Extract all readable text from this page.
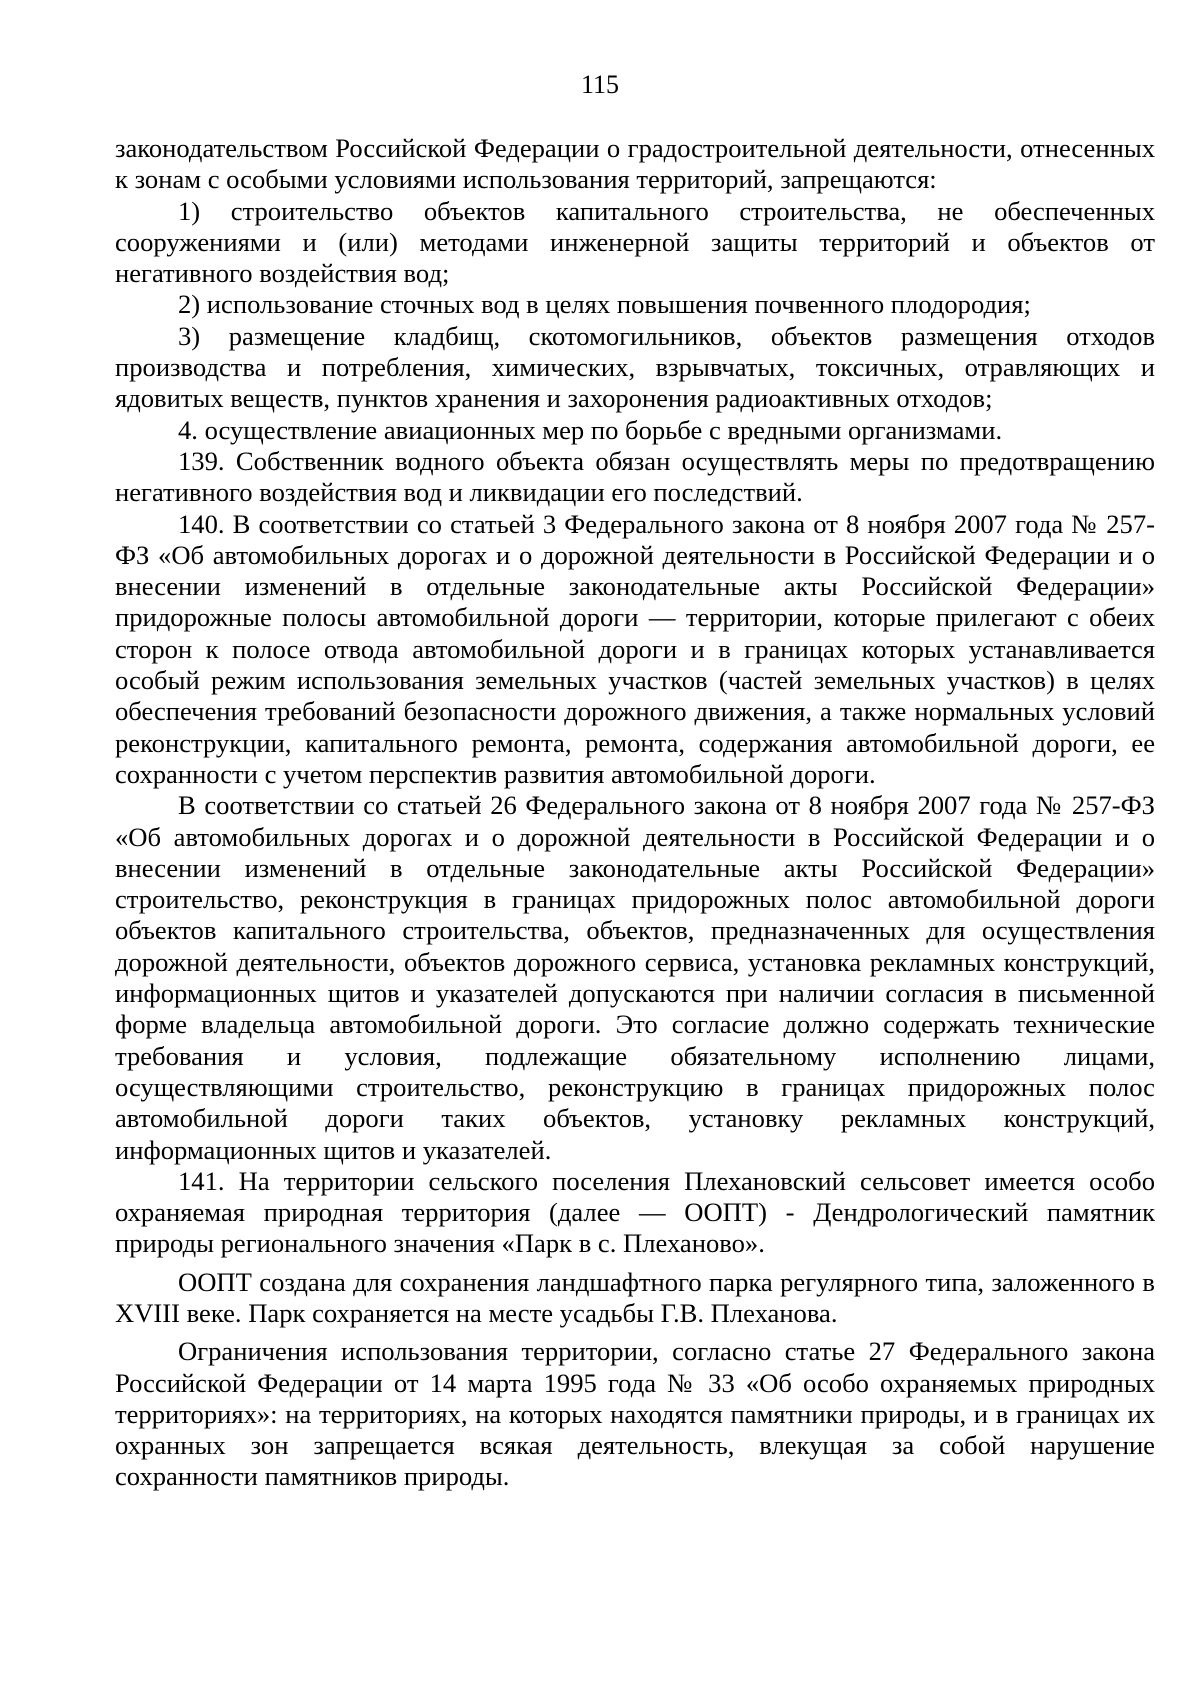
115

законодательством Российской Федерации о градостроительной деятельности, отнесенных к зонам с особыми условиями использования территорий, запрещаются:

1) строительство объектов капитального строительства, не обеспеченных сооружениями и (или) методами инженерной защиты территорий и объектов от негативного воздействия вод;

2) использование сточных вод в целях повышения почвенного плодородия;

3) размещение кладбищ, скотомогильников, объектов размещения отходов производства и потребления, химических, взрывчатых, токсичных, отравляющих и ядовитых веществ, пунктов хранения и захоронения радиоактивных отходов;

4. осуществление авиационных мер по борьбе с вредными организмами.

139. Собственник водного объекта обязан осуществлять меры по предотвращению негативного воздействия вод и ликвидации его последствий.

140. В соответствии со статьей 3 Федерального закона от 8 ноября 2007 года № 257-ФЗ «Об автомобильных дорогах и о дорожной деятельности в Российской Федерации и о внесении изменений в отдельные законодательные акты Российской Федерации» придорожные полосы автомобильной дороги — территории, которые прилегают с обеих сторон к полосе отвода автомобильной дороги и в границах которых устанавливается особый режим использования земельных участков (частей земельных участков) в целях обеспечения требований безопасности дорожного движения, а также нормальных условий реконструкции, капитального ремонта, ремонта, содержания автомобильной дороги, ее сохранности с учетом перспектив развития автомобильной дороги.

В соответствии со статьей 26 Федерального закона от 8 ноября 2007 года № 257-ФЗ «Об автомобильных дорогах и о дорожной деятельности в Российской Федерации и о внесении изменений в отдельные законодательные акты Российской Федерации» строительство, реконструкция в границах придорожных полос автомобильной дороги объектов капитального строительства, объектов, предназначенных для осуществления дорожной деятельности, объектов дорожного сервиса, установка рекламных конструкций, информационных щитов и указателей допускаются при наличии согласия в письменной форме владельца автомобильной дороги. Это согласие должно содержать технические требования и условия, подлежащие обязательному исполнению лицами, осуществляющими строительство, реконструкцию в границах придорожных полос автомобильной дороги таких объектов, установку рекламных конструкций, информационных щитов и указателей.

141. На территории сельского поселения Плехановский сельсовет имеется особо охраняемая природная территория (далее — ООПТ) - Дендрологический памятник природы регионального значения «Парк в с. Плеханово».

ООПТ создана для сохранения ландшафтного парка регулярного типа, заложенного в XVIII веке. Парк сохраняется на месте усадьбы Г.В. Плеханова.

Ограничения использования территории, согласно статье 27 Федерального закона Российской Федерации от 14 марта 1995 года № 33 «Об особо охраняемых природных территориях»: на территориях, на которых находятся памятники природы, и в границах их охранных зон запрещается всякая деятельность, влекущая за собой нарушение сохранности памятников природы.
